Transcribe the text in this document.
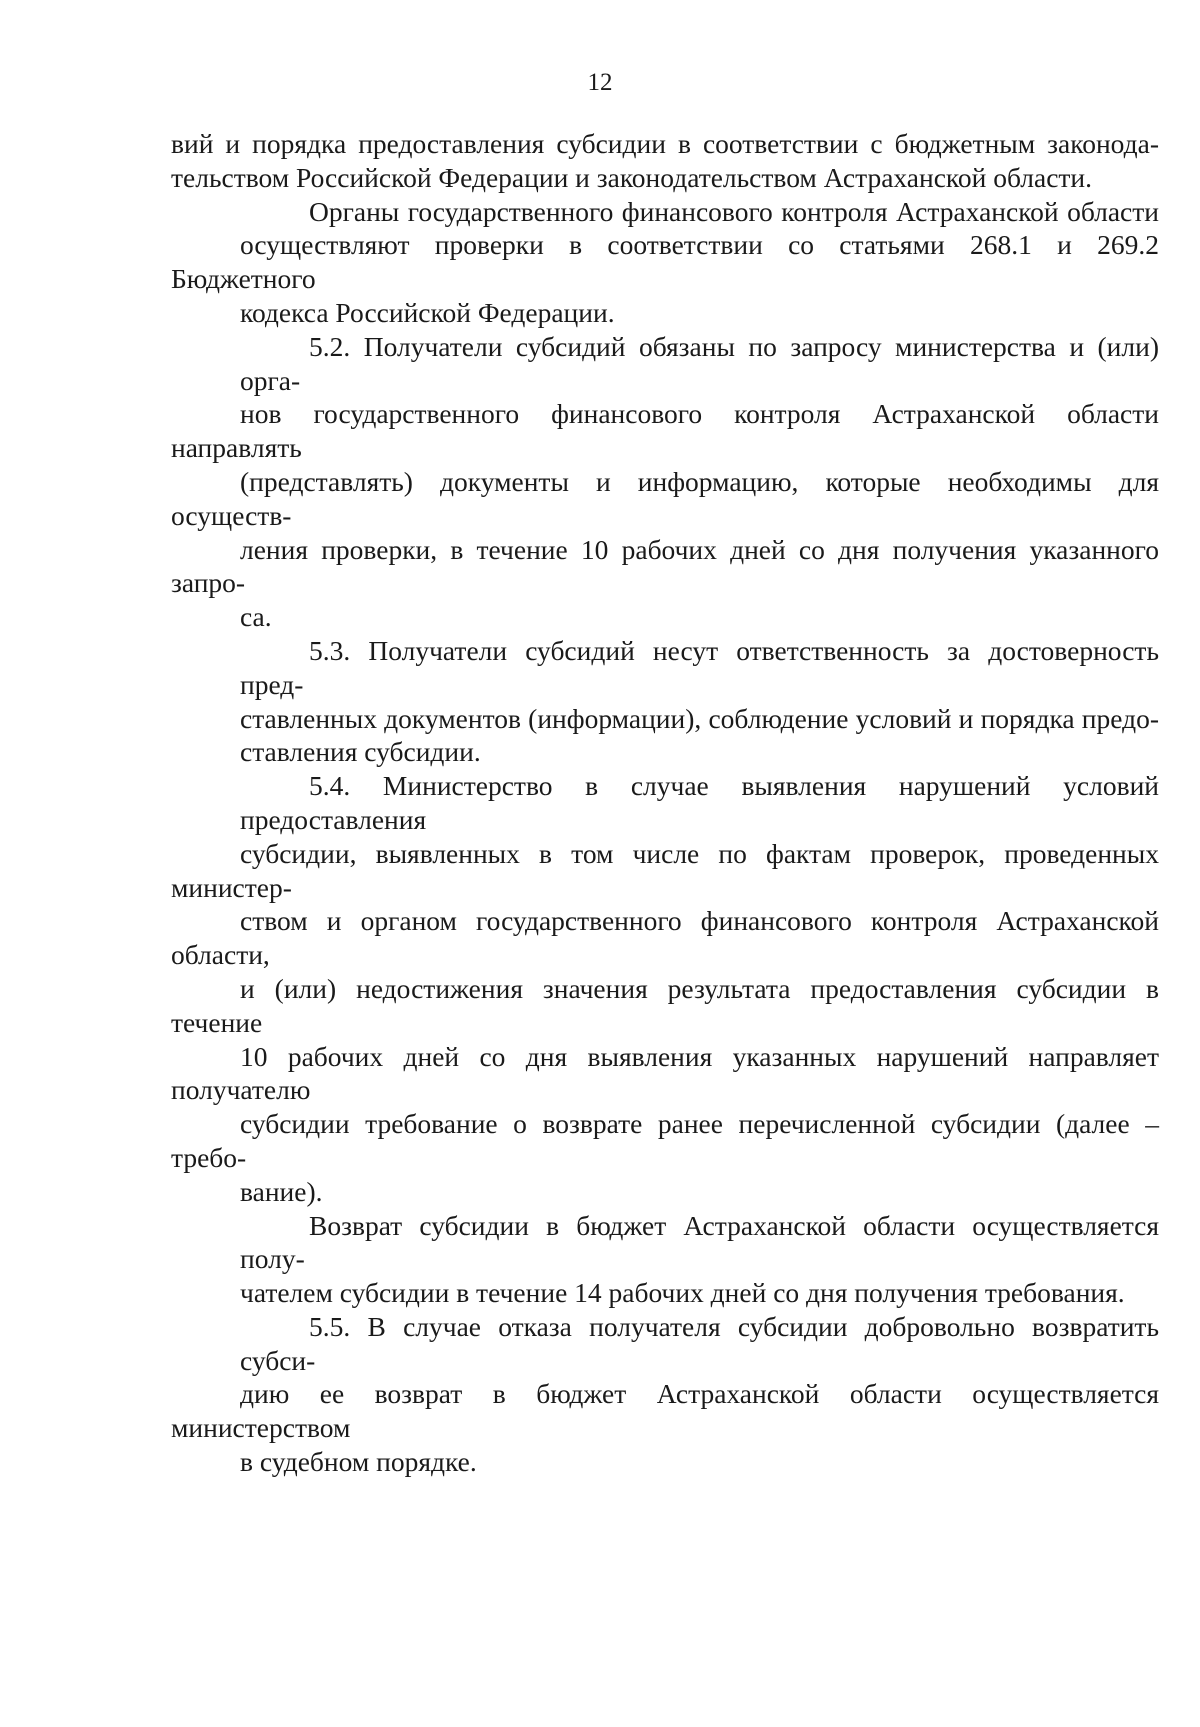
12

вий и порядка предоставления субсидии в соответствии с бюджетным законода-
тельством Российской Федерации и законодательством Астраханской области.

Органы государственного финансового контроля Астраханской области
осуществляют проверки в соответствии со статьями 268.1 и 269.2 Бюджетного
кодекса Российской Федерации.

5.2. Получатели субсидий обязаны по запросу министерства и (или) орга-
нов государственного финансового контроля Астраханской области направлять
(представлять) документы и информацию, которые необходимы для осуществ-
ления проверки, в течение 10 рабочих дней со дня получения указанного запро-
са.

5.3. Получатели субсидий несут ответственность за достоверность пред-
ставленных документов (информации), соблюдение условий и порядка предо-
ставления субсидии.

5.4. Министерство в случае выявления нарушений условий предоставления
субсидии, выявленных в том числе по фактам проверок, проведенных министер-
ством и органом государственного финансового контроля Астраханской области,
и (или) недостижения значения результата предоставления субсидии в течение
10 рабочих дней со дня выявления указанных нарушений направляет получателю
субсидии требование о возврате ранее перечисленной субсидии (далее – требо-
вание).

Возврат субсидии в бюджет Астраханской области осуществляется полу-
чателем субсидии в течение 14 рабочих дней со дня получения требования.

5.5. В случае отказа получателя субсидии добровольно возвратить субси-
дию ее возврат в бюджет Астраханской области осуществляется министерством
в судебном порядке.
